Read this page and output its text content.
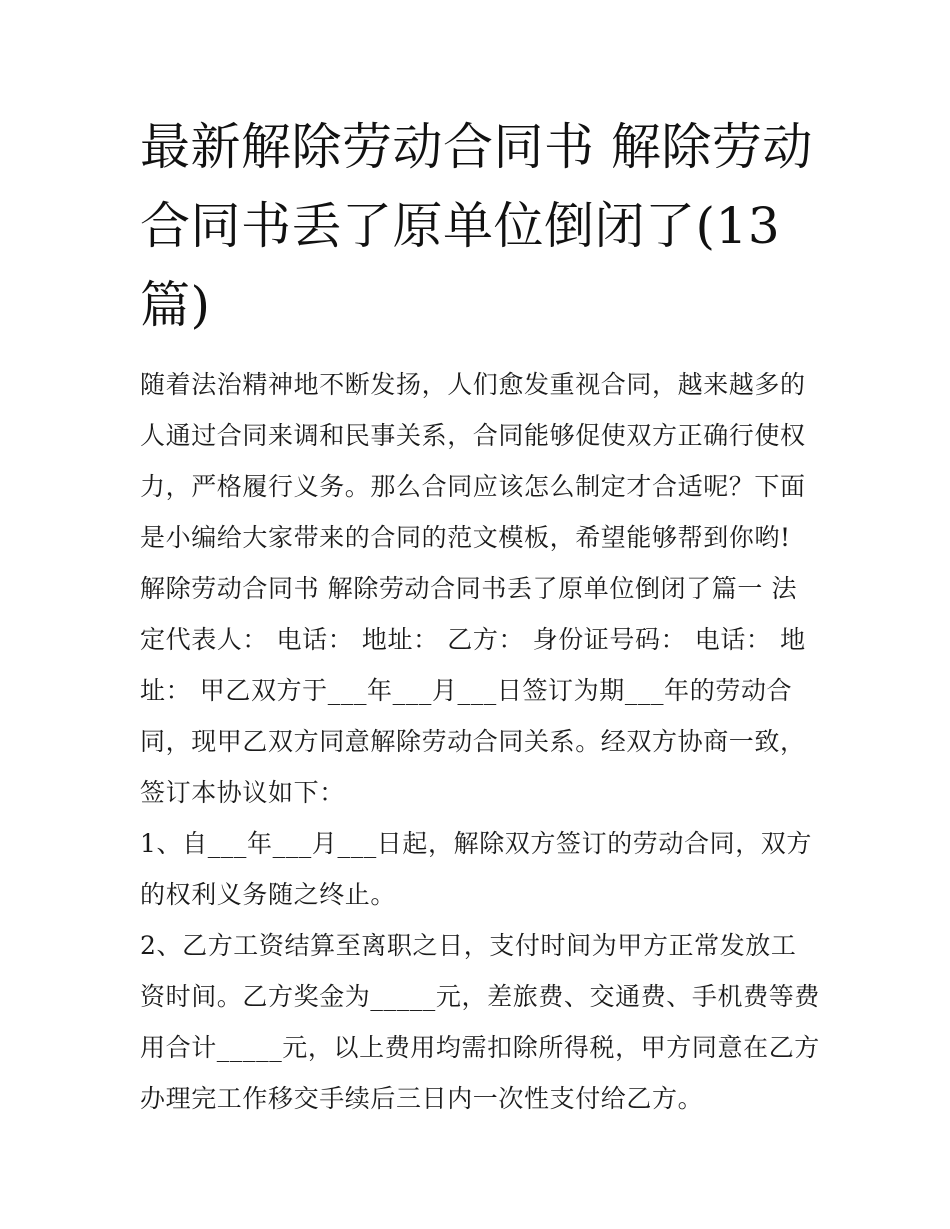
最新解除劳动合同书 解除劳动合同书丢了原单位倒闭了(13篇)

随着法治精神地不断发扬，人们愈发重视合同，越来越多的人通过合同来调和民事关系，合同能够促使双方正确行使权力，严格履行义务。那么合同应该怎么制定才合适呢？下面是小编给大家带来的合同的范文模板，希望能够帮到你哟!

解除劳动合同书 解除劳动合同书丢了原单位倒闭了篇一 法定代表人： 电话： 地址： 乙方： 身份证号码： 电话： 地址： 甲乙双方于___年___月___日签订为期___年的劳动合同，现甲乙双方同意解除劳动合同关系。经双方协商一致，签订本协议如下：

1、自___年___月___日起，解除双方签订的劳动合同，双方的权利义务随之终止。

2、乙方工资结算至离职之日，支付时间为甲方正常发放工资时间。乙方奖金为_____元，差旅费、交通费、手机费等费用合计_____元，以上费用均需扣除所得税，甲方同意在乙方办理完工作移交手续后三日内一次性支付给乙方。
